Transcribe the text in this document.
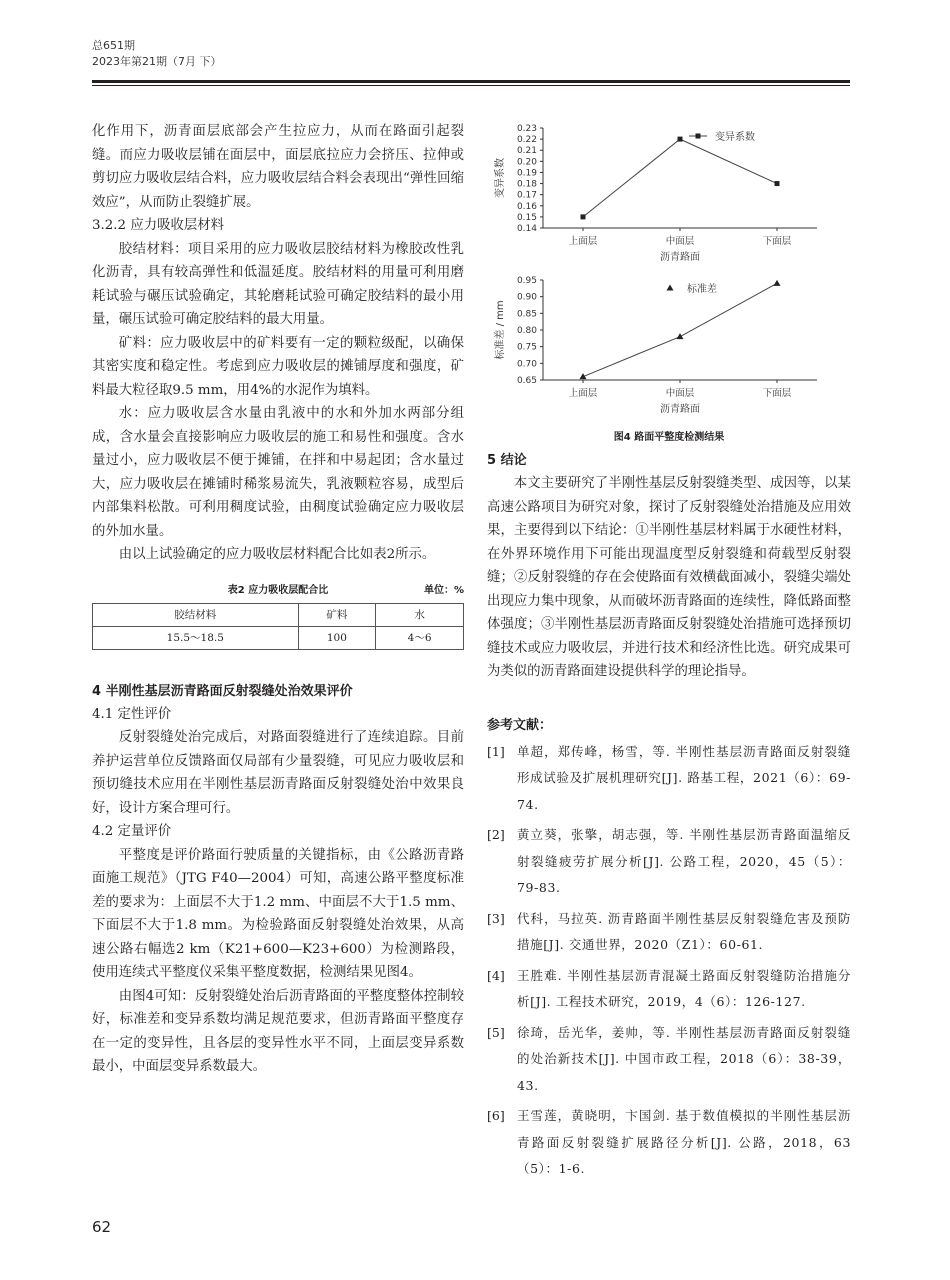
总651期
2023年第21期（7月 下）

化作用下，沥青面层底部会产生拉应力，从而在路面引起裂缝。而应力吸收层铺在面层中，面层底拉应力会挤压、拉伸或剪切应力吸收层结合料，应力吸收层结合料会表现出“弹性回缩效应”，从而防止裂缝扩展。

3.2.2 应力吸收层材料

胶结材料：项目采用的应力吸收层胶结材料为橡胶改性乳化沥青，具有较高弹性和低温延度。胶结材料的用量可利用磨耗试验与碾压试验确定，其轮磨耗试验可确定胶结料的最小用量，碾压试验可确定胶结料的最大用量。

矿料：应力吸收层中的矿料要有一定的颗粒级配，以确保其密实度和稳定性。考虑到应力吸收层的摊铺厚度和强度，矿料最大粒径取9.5 mm，用4%的水泥作为填料。

水：应力吸收层含水量由乳液中的水和外加水两部分组成，含水量会直接影响应力吸收层的施工和易性和强度。含水量过小，应力吸收层不便于摊铺，在拌和中易起团；含水量过大，应力吸收层在摊铺时稀浆易流失，乳液颗粒容易，成型后内部集料松散。可利用稠度试验，由稠度试验确定应力吸收层的外加水量。

由以上试验确定的应力吸收层材料配合比如表2所示。

表2 应力吸收层配合比	单位：%
胶结材料	矿料	水
15.5～18.5	100	4～6

4 半刚性基层沥青路面反射裂缝处治效果评价

4.1 定性评价

反射裂缝处治完成后，对路面裂缝进行了连续追踪。目前养护运营单位反馈路面仅局部有少量裂缝，可见应力吸收层和预切缝技术应用在半刚性基层沥青路面反射裂缝处治中效果良好，设计方案合理可行。

4.2 定量评价

平整度是评价路面行驶质量的关键指标，由《公路沥青路面施工规范》（JTG F40—2004）可知，高速公路平整度标准差的要求为：上面层不大于1.2 mm、中面层不大于1.5 mm、下面层不大于1.8 mm。为检验路面反射裂缝处治效果，从高速公路右幅选2 km（K21+600—K23+600）为检测路段，使用连续式平整度仪采集平整度数据，检测结果见图4。

由图4可知：反射裂缝处治后沥青路面的平整度整体控制较好，标准差和变异系数均满足规范要求，但沥青路面平整度存在一定的变异性，且各层的变异性水平不同，上面层变异系数最小，中面层变异系数最大。

0.14
0.15
0.16
0.17
0.18
0.19
0.20
0.21
0.22
0.23
上面层	中面层	下面层
沥青路面
变异系数
变异系数

0.65
0.70
0.75
0.80
0.85
0.90
0.95
上面层	中面层	下面层
沥青路面
标准差 / mm
标准差
图4 路面平整度检测结果

5 结论

本文主要研究了半刚性基层反射裂缝类型、成因等，以某高速公路项目为研究对象，探讨了反射裂缝处治措施及应用效果，主要得到以下结论：①半刚性基层材料属于水硬性材料，在外界环境作用下可能出现温度型反射裂缝和荷载型反射裂缝；②反射裂缝的存在会使路面有效横截面减小，裂缝尖端处出现应力集中现象，从而破坏沥青路面的连续性，降低路面整体强度；③半刚性基层沥青路面反射裂缝处治措施可选择预切缝技术或应力吸收层，并进行技术和经济性比选。研究成果可为类似的沥青路面建设提供科学的理论指导。

参考文献：
[1] 单超，郑传峰，杨雪，等. 半刚性基层沥青路面反射裂缝形成试验及扩展机理研究[J]. 路基工程，2021（6）：69-74.
[2] 黄立葵，张擎，胡志强，等. 半刚性基层沥青路面温缩反射裂缝疲劳扩展分析[J]. 公路工程，2020，45（5）：79-83.
[3] 代科，马拉英. 沥青路面半刚性基层反射裂缝危害及预防措施[J]. 交通世界，2020（Z1）：60-61.
[4] 王胜难. 半刚性基层沥青混凝土路面反射裂缝防治措施分析[J]. 工程技术研究，2019，4（6）：126-127.
[5] 徐琦，岳光华，姜帅，等. 半刚性基层沥青路面反射裂缝的处治新技术[J]. 中国市政工程，2018（6）：38-39，43.
[6] 王雪莲，黄晓明，卞国剑. 基于数值模拟的半刚性基层沥青路面反射裂缝扩展路径分析[J]. 公路，2018，63（5）：1-6.
62
